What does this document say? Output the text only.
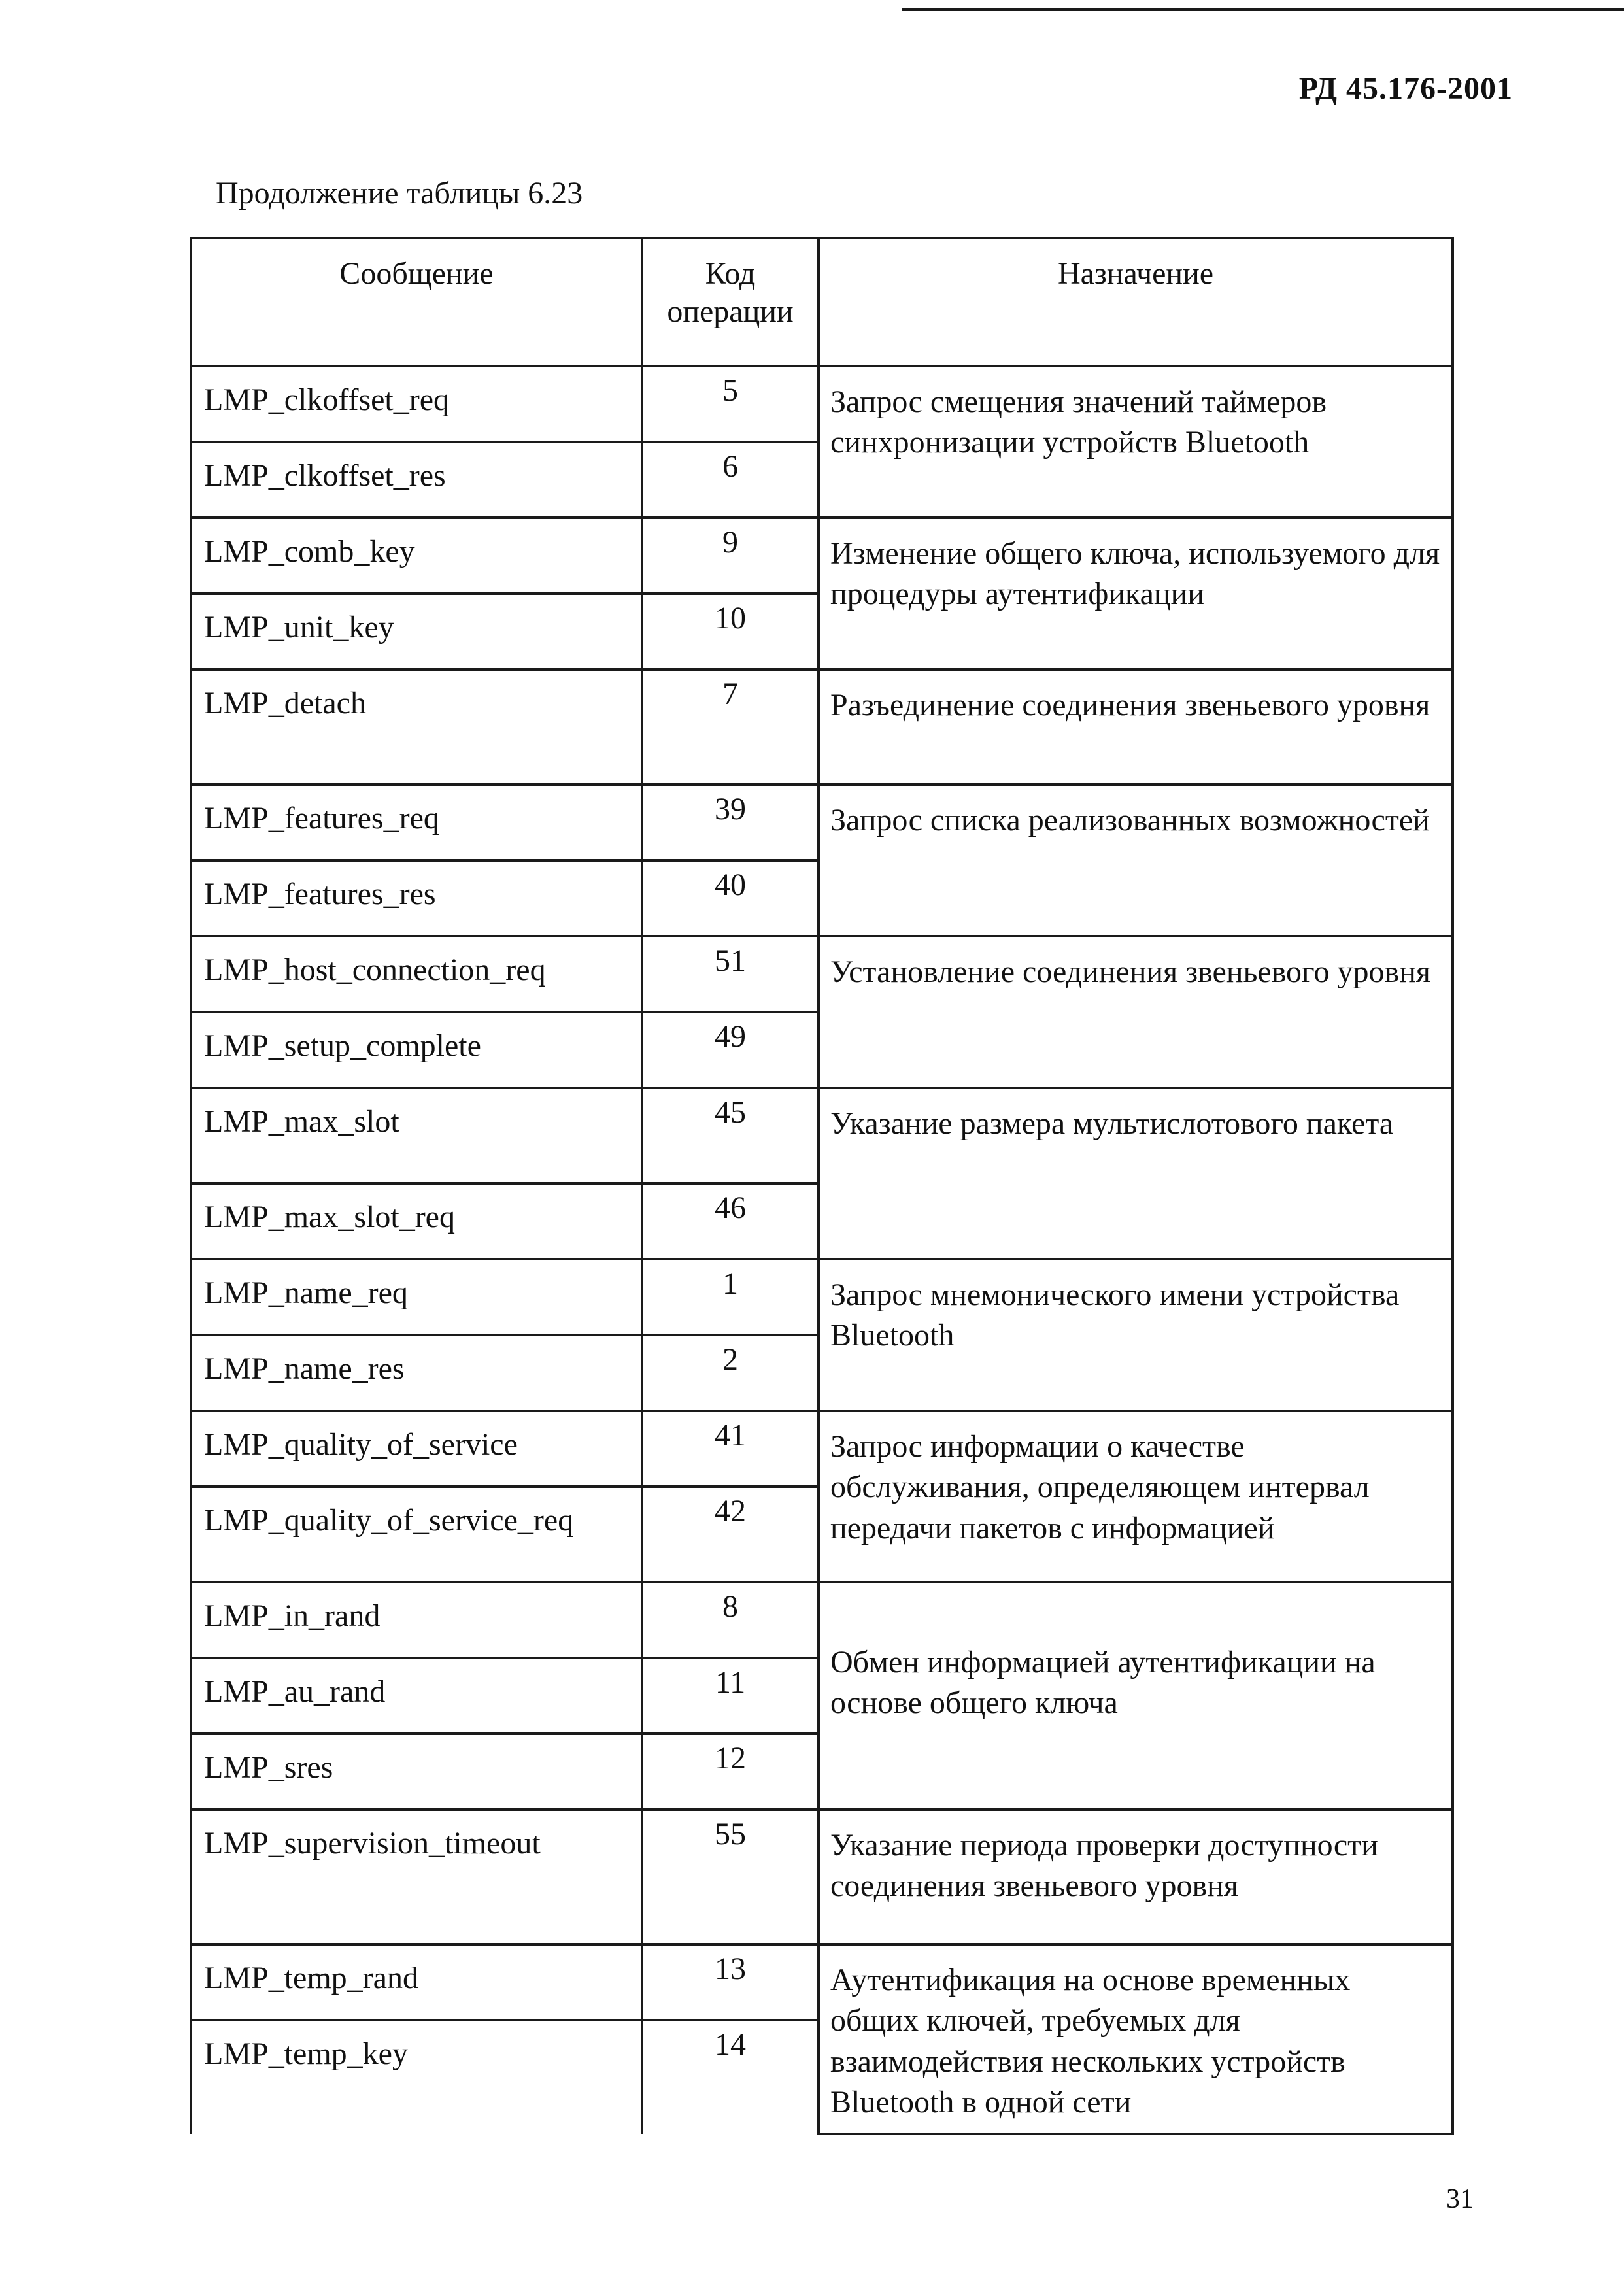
РД 45.176-2001
Продолжение таблицы 6.23
Сообщение	Код операции	Назначение
LMP_clkoffset_req	5	Запрос смещения значений таймеров синхронизации устройств Bluetooth
LMP_clkoffset_res	6	
LMP_comb_key	9	Изменение общего ключа, используемого для процедуры аутентификации
LMP_unit_key	10	
LMP_detach	7	Разъединение соединения звеньевого уровня
LMP_features_req	39	Запрос списка реализованных возможностей
LMP_features_res	40	
LMP_host_connection_req	51	Установление соединения звеньевого уровня
LMP_setup_complete	49	
LMP_max_slot	45	Указание размера мультислотового пакета
LMP_max_slot_req	46	
LMP_name_req	1	Запрос мнемонического имени устройства Bluetooth
LMP_name_res	2	
LMP_quality_of_service	41	Запрос информации о качестве обслуживания, определяющем интервал передачи пакетов с информацией
LMP_quality_of_service_req	42	
LMP_in_rand	8	Обмен информацией аутентификации на основе общего ключа
LMP_au_rand	11	
LMP_sres	12	
LMP_supervision_timeout	55	Указание периода проверки доступности соединения звеньевого уровня
LMP_temp_rand	13	Аутентификация на основе временных общих ключей, требуемых для взаимодействия нескольких устройств Bluetooth в одной сети
LMP_temp_key	14	
31
